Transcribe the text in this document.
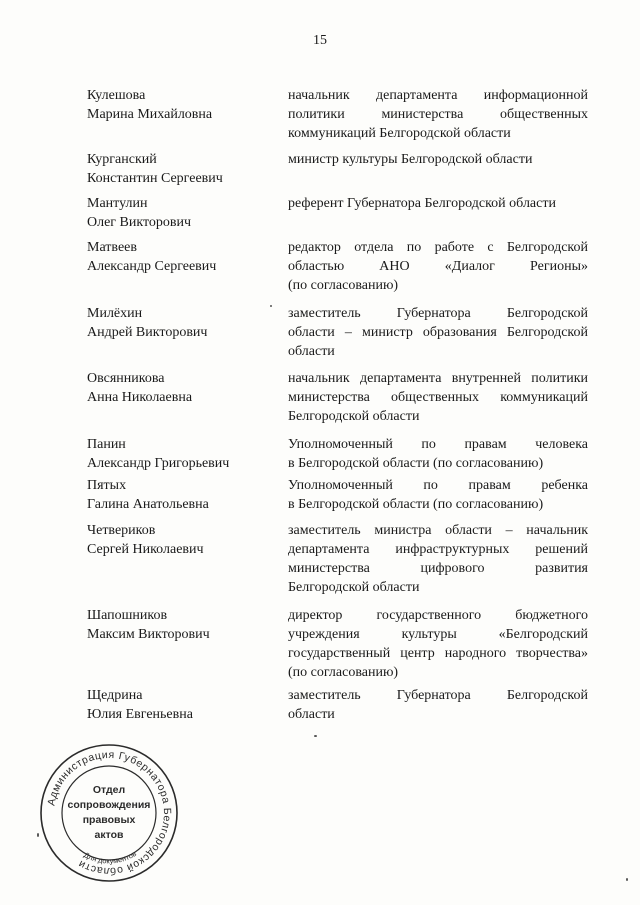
15
Кулешова
Марина Михайловна
начальник департамента информационной
политики министерства общественных
коммуникаций Белгородской области
Курганский
Константин Сергеевич
министр культуры Белгородской области
Мантулин
Олег Викторович
референт Губернатора Белгородской области
Матвеев
Александр Сергеевич
редактор отдела по работе с Белгородской
областью АНО «Диалог Регионы»
(по согласованию)
Милёхин
Андрей Викторович
заместитель Губернатора Белгородской
области – министр образования Белгородской
области
Овсянникова
Анна Николаевна
начальник департамента внутренней политики
министерства общественных коммуникаций
Белгородской области
Панин
Александр Григорьевич
Уполномоченный по правам человека
в Белгородской области (по согласованию)
Пятых
Галина Анатольевна
Уполномоченный по правам ребенка
в Белгородской области (по согласованию)
Четвериков
Сергей Николаевич
заместитель министра области – начальник
департамента инфраструктурных решений
министерства цифрового развития
Белгородской области
Шапошников
Максим Викторович
директор государственного бюджетного
учреждения культуры «Белгородский
государственный центр народного творчества»
(по согласованию)
Щедрина
Юлия Евгеньевна
заместитель Губернатора Белгородской
области
Администрация Губернатора Белгородской области
Для документов
Отдел
сопровождения
правовых
актов
